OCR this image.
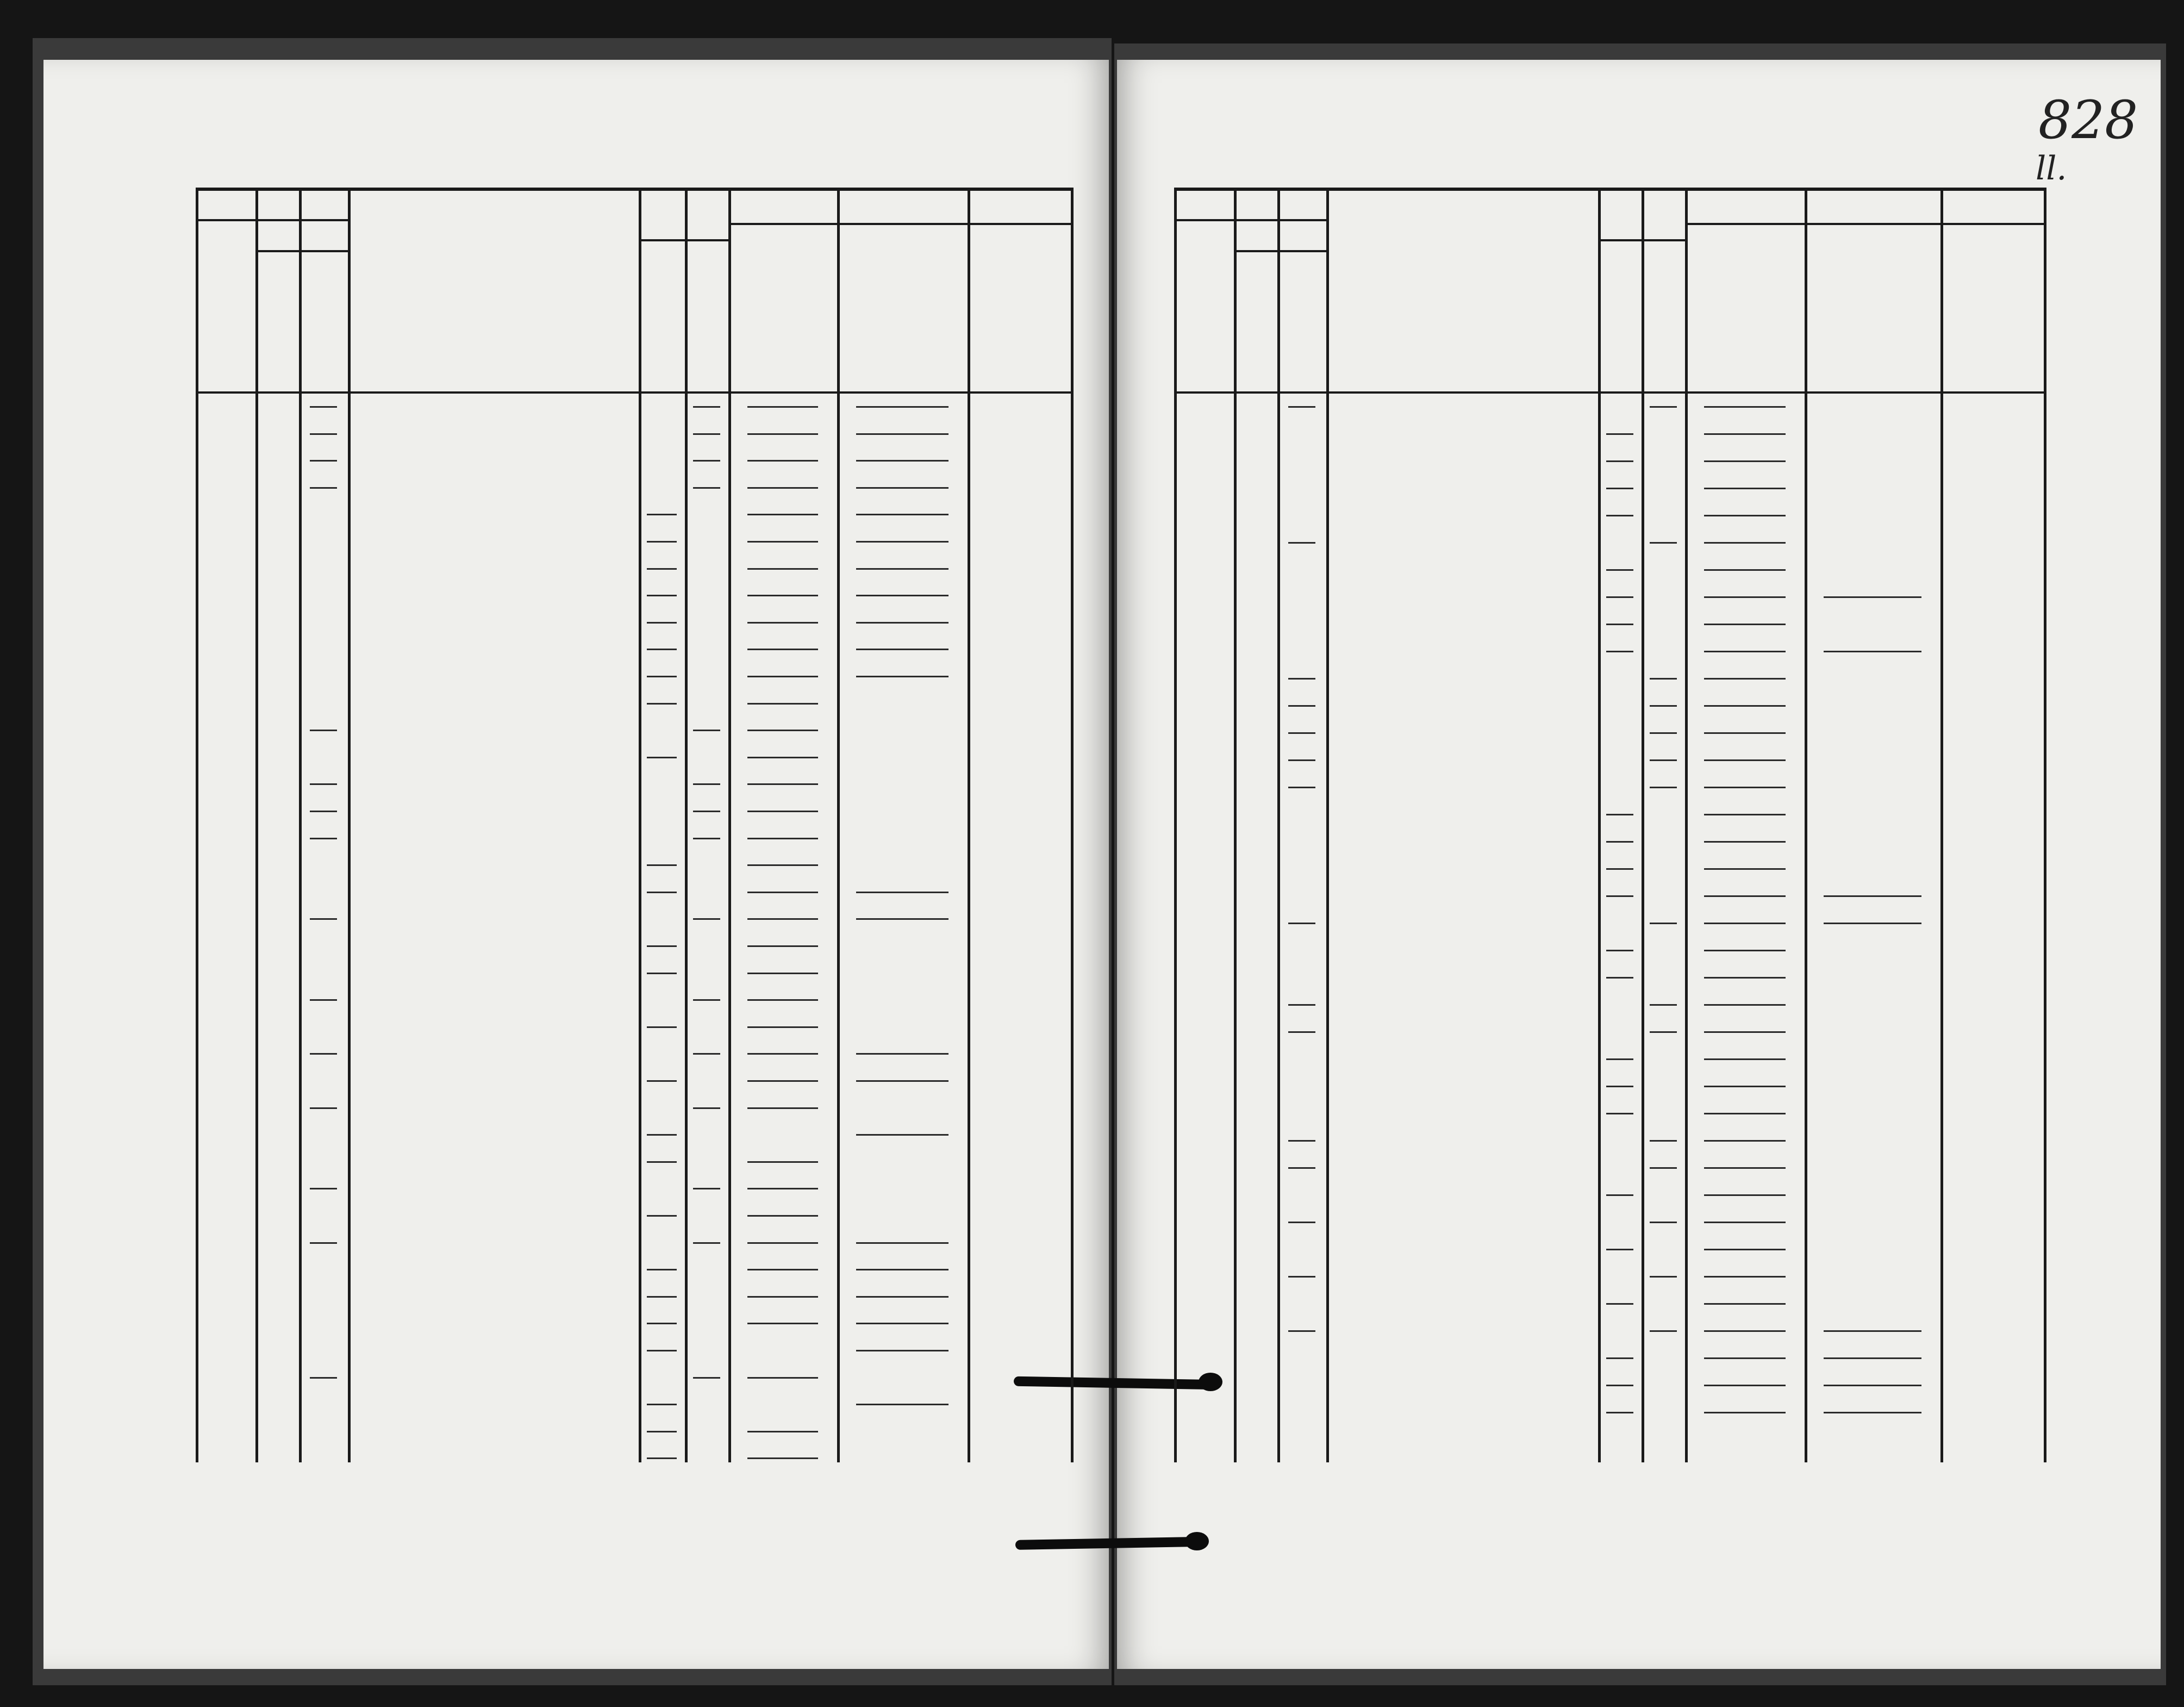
828
ll.
